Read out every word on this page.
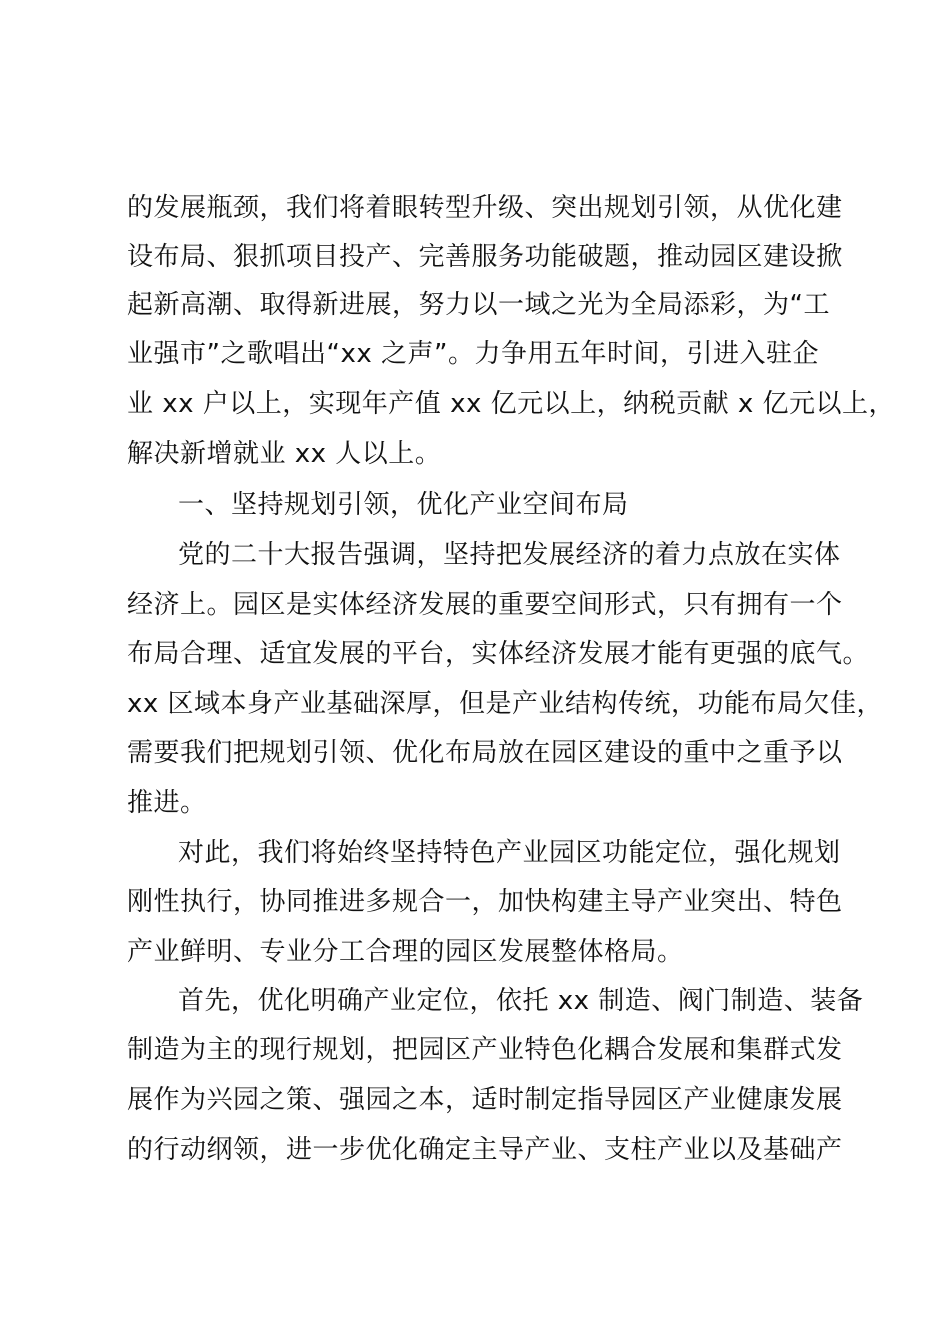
的发展瓶颈，我们将着眼转型升级、突出规划引领，从优化建
设布局、狠抓项目投产、完善服务功能破题，推动园区建设掀
起新高潮、取得新进展，努力以一域之光为全局添彩，为“工
业强市”之歌唱出“xx 之声”。力争用五年时间，引进入驻企
业 xx 户以上，实现年产值 xx 亿元以上，纳税贡献 x 亿元以上，
解决新增就业 xx 人以上。
一、坚持规划引领，优化产业空间布局
党的二十大报告强调，坚持把发展经济的着力点放在实体
经济上。园区是实体经济发展的重要空间形式，只有拥有一个
布局合理、适宜发展的平台，实体经济发展才能有更强的底气。
xx 区域本身产业基础深厚，但是产业结构传统，功能布局欠佳，
需要我们把规划引领、优化布局放在园区建设的重中之重予以
推进。
对此，我们将始终坚持特色产业园区功能定位，强化规划
刚性执行，协同推进多规合一，加快构建主导产业突出、特色
产业鲜明、专业分工合理的园区发展整体格局。
首先，优化明确产业定位，依托 xx 制造、阀门制造、装备
制造为主的现行规划，把园区产业特色化耦合发展和集群式发
展作为兴园之策、强园之本，适时制定指导园区产业健康发展
的行动纲领，进一步优化确定主导产业、支柱产业以及基础产
